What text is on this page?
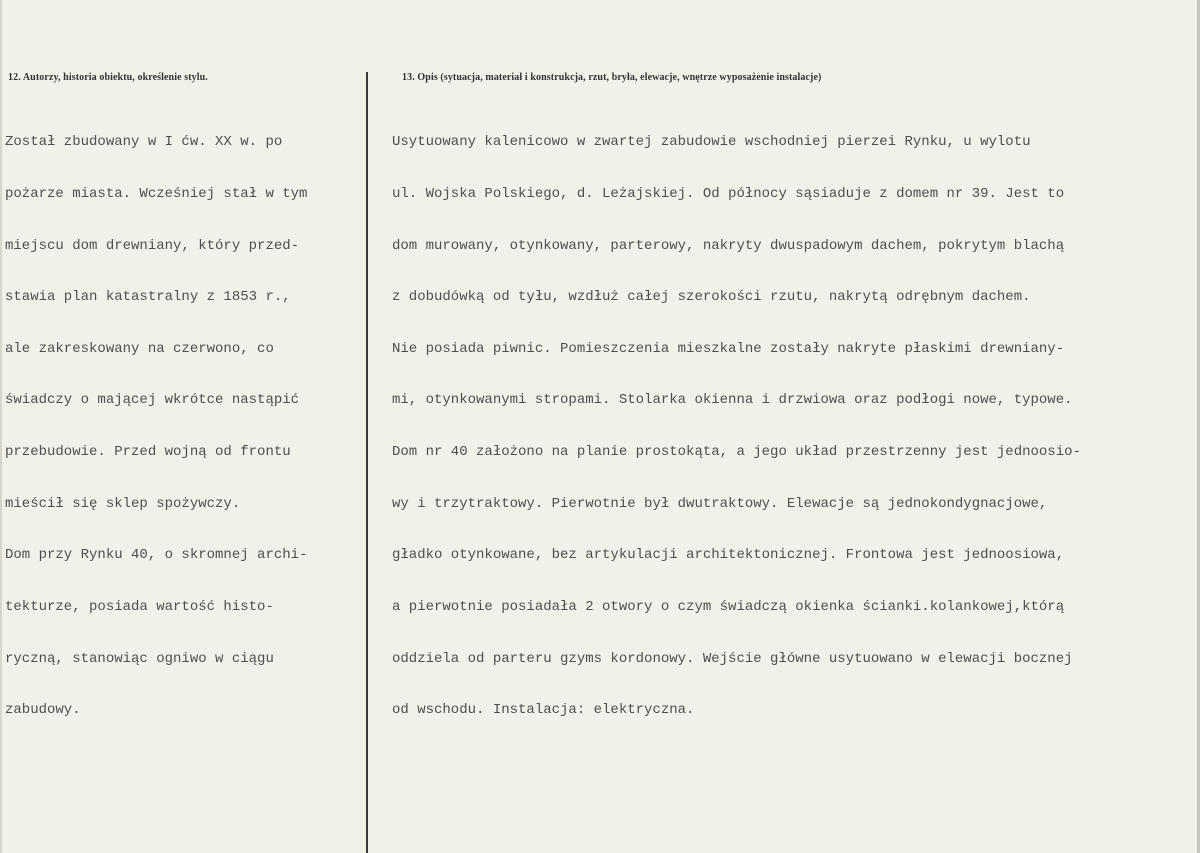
12. Autorzy, historia obiektu, określenie stylu.	13. Opis (sytuacja, materiał i konstrukcja, rzut, bryła, elewacje, wnętrze wyposażenie instalacje)

Został zbudowany w I ćw. XX w. po

pożarze miasta. Wcześniej stał w tym

miejscu dom drewniany, który przed-

stawia plan katastralny z 1853 r.,

ale zakreskowany na czerwono, co

świadczy o mającej wkrótce nastąpić

przebudowie. Przed wojną od frontu

mieścił się sklep spożywczy.

Dom przy Rynku 40, o skromnej archi-

tekturze, posiada wartość histo-

ryczną, stanowiąc ogniwo w ciągu

zabudowy.

Usytuowany kalenicowo w zwartej zabudowie wschodniej pierzei Rynku, u wylotu

ul. Wojska Polskiego, d. Leżajskiej. Od północy sąsiaduje z domem nr 39. Jest to

dom murowany, otynkowany, parterowy, nakryty dwuspadowym dachem, pokrytym blachą

z dobudówką od tyłu, wzdłuż całej szerokości rzutu, nakrytą odrębnym dachem.

Nie posiada piwnic. Pomieszczenia mieszkalne zostały nakryte płaskimi drewniany-

mi, otynkowanymi stropami. Stolarka okienna i drzwiowa oraz podłogi nowe, typowe.

Dom nr 40 założono na planie prostokąta, a jego układ przestrzenny jest jednoosio-

wy i trzytraktowy. Pierwotnie był dwutraktowy. Elewacje są jednokondygnacjowe,

gładko otynkowane, bez artykulacji architektonicznej. Frontowa jest jednoosiowa,

a pierwotnie posiadała 2 otwory o czym świadczą okienka ścianki.kolankowej,którą

oddziela od parteru gzyms kordonowy. Wejście główne usytuowano w elewacji bocznej

od wschodu. Instalacja: elektryczna.
